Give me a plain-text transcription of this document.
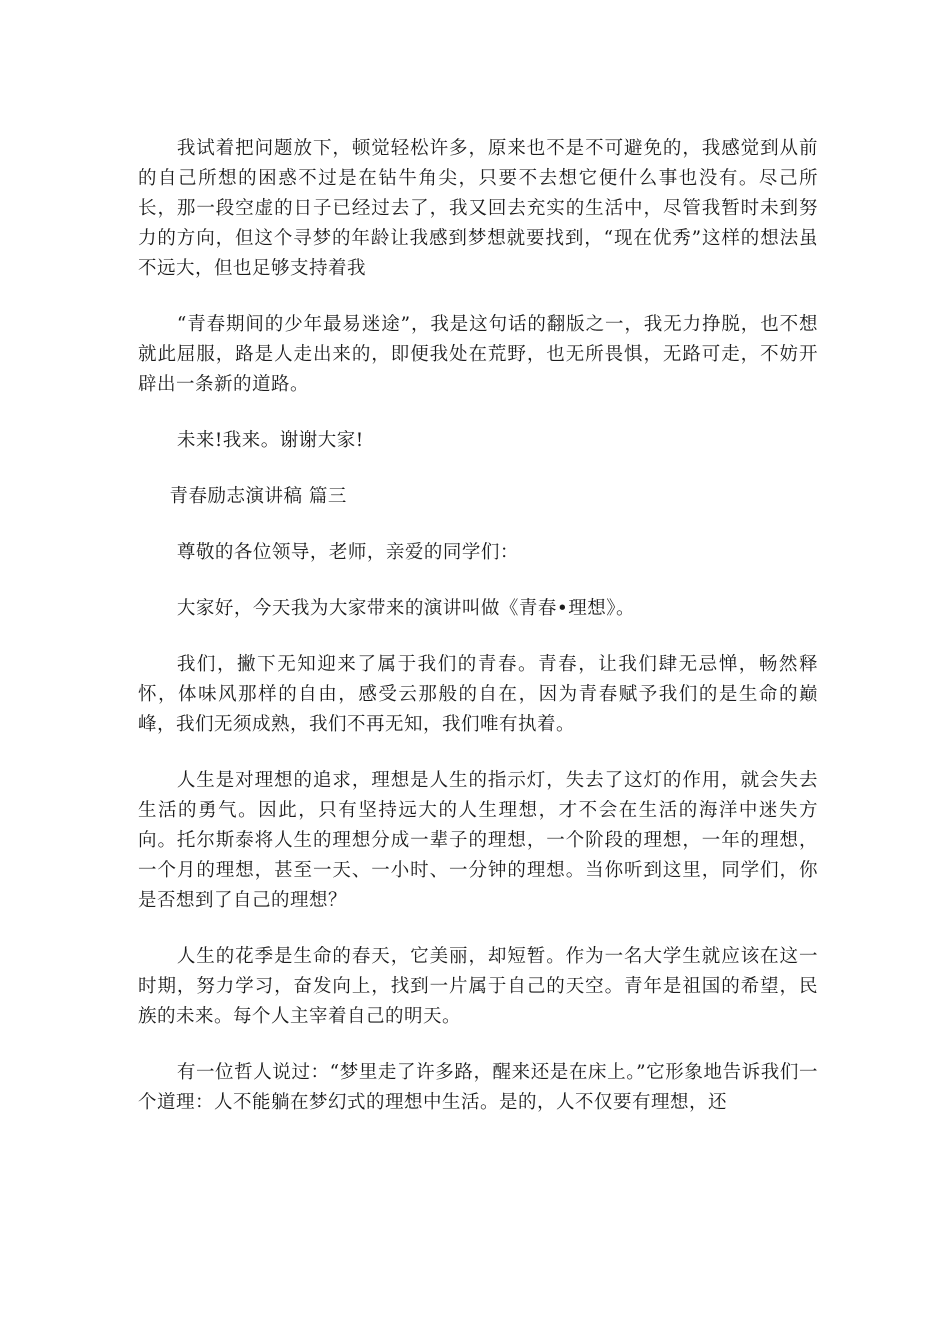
我试着把问题放下，顿觉轻松许多，原来也不是不可避免的，我感觉到从前的自己所想的困惑不过是在钻牛角尖，只要不去想它便什么事也没有。尽己所长，那一段空虚的日子已经过去了，我又回去充实的生活中，尽管我暂时未到努力的方向，但这个寻梦的年龄让我感到梦想就要找到，“现在优秀”这样的想法虽不远大，但也足够支持着我

“青春期间的少年最易迷途”，我是这句话的翻版之一，我无力挣脱，也不想就此屈服，路是人走出来的，即便我处在荒野，也无所畏惧，无路可走，不妨开辟出一条新的道路。

未来!我来。谢谢大家!

青春励志演讲稿 篇三

尊敬的各位领导，老师，亲爱的同学们：

大家好，今天我为大家带来的演讲叫做《青春•理想》。

我们，撇下无知迎来了属于我们的青春。青春，让我们肆无忌惮，畅然释怀，体味风那样的自由，感受云那般的自在，因为青春赋予我们的是生命的巅峰，我们无须成熟，我们不再无知，我们唯有执着。

人生是对理想的追求，理想是人生的指示灯，失去了这灯的作用，就会失去生活的勇气。因此，只有坚持远大的人生理想，才不会在生活的海洋中迷失方向。托尔斯泰将人生的理想分成一辈子的理想，一个阶段的理想，一年的理想，一个月的理想，甚至一天、一小时、一分钟的理想。当你听到这里，同学们，你是否想到了自己的理想？

人生的花季是生命的春天，它美丽，却短暂。作为一名大学生就应该在这一时期，努力学习，奋发向上，找到一片属于自己的天空。青年是祖国的希望，民族的未来。每个人主宰着自己的明天。

有一位哲人说过：“梦里走了许多路，醒来还是在床上。”它形象地告诉我们一个道理：人不能躺在梦幻式的理想中生活。是的，人不仅要有理想，还
